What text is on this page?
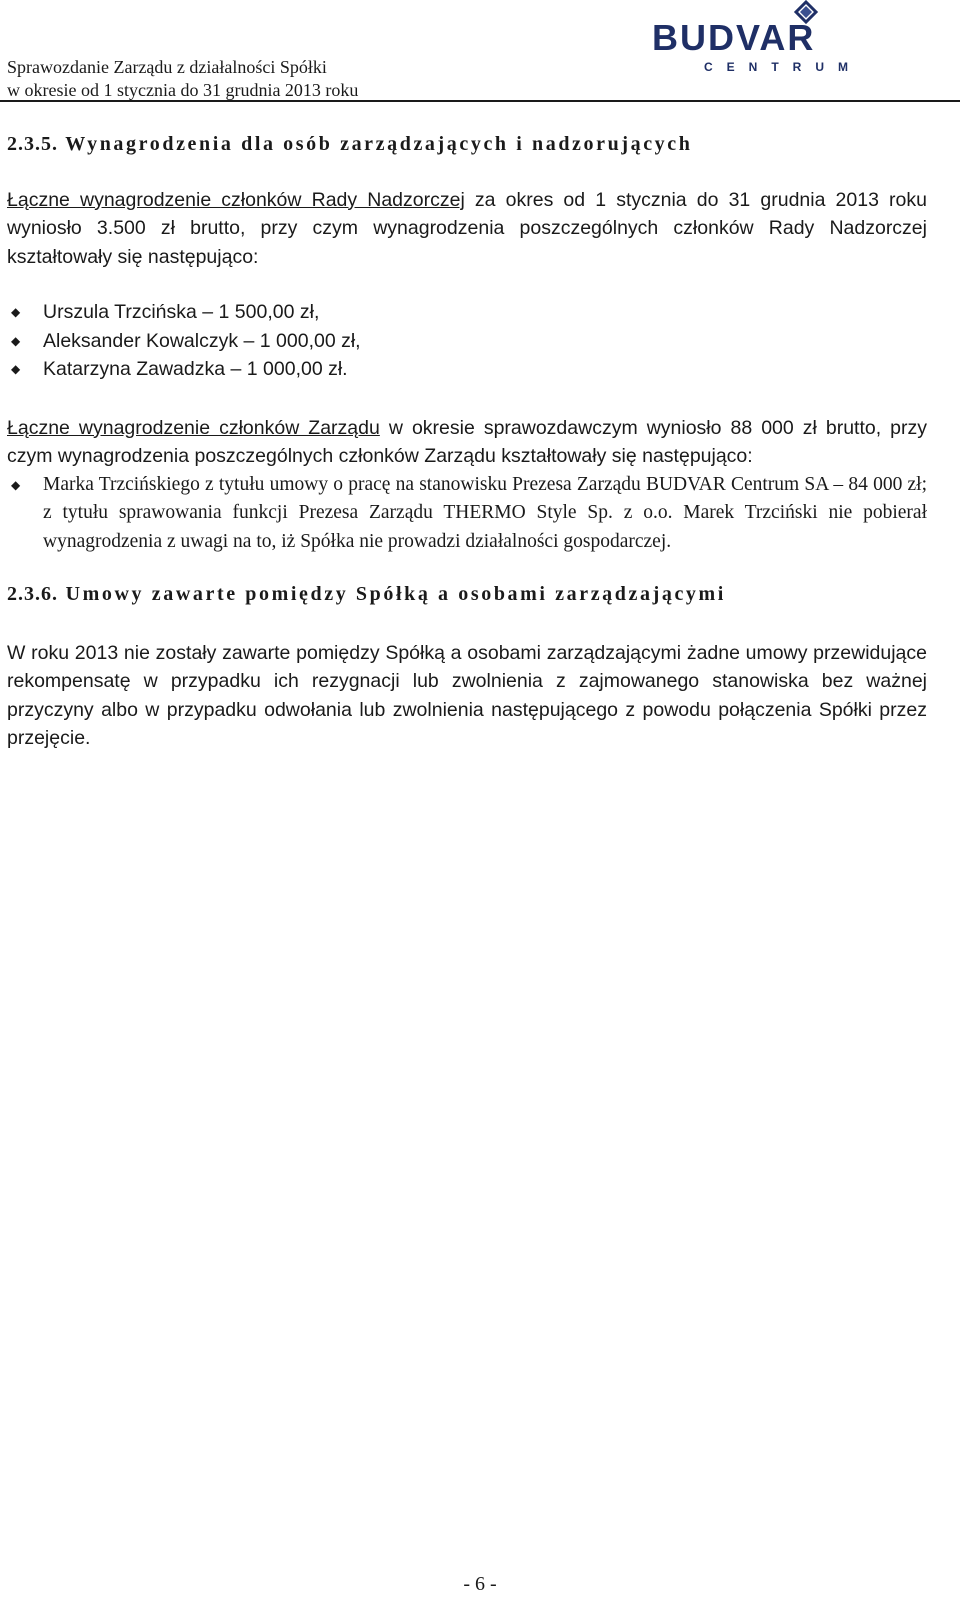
Sprawozdanie Zarządu z działalności Spółki
w okresie od 1 stycznia do 31 grudnia 2013 roku
BUDVAR
CENTRUM
2.3.5. Wynagrodzenia dla osób zarządzających i nadzorujących

Łączne wynagrodzenie członków Rady Nadzorczej za okres od 1 stycznia do 31 grudnia 2013 roku wyniosło 3.500 zł brutto, przy czym wynagrodzenia poszczególnych członków Rady Nadzorczej kształtowały się następująco:

◆ Urszula Trzcińska – 1 500,00 zł,
◆ Aleksander Kowalczyk – 1 000,00 zł,
◆ Katarzyna Zawadzka – 1 000,00 zł.

Łączne wynagrodzenie członków Zarządu w okresie sprawozdawczym wyniosło 88 000 zł brutto, przy czym wynagrodzenia poszczególnych członków Zarządu kształtowały się następująco:

◆ Marka Trzcińskiego z tytułu umowy o pracę na stanowisku Prezesa Zarządu BUDVAR Centrum SA – 84 000 zł; z tytułu sprawowania funkcji Prezesa Zarządu THERMO Style Sp. z o.o. Marek Trzciński nie pobierał wynagrodzenia z uwagi na to, iż Spółka nie prowadzi działalności gospodarczej.
2.3.6. Umowy zawarte pomiędzy Spółką a osobami zarządzającymi

W roku 2013 nie zostały zawarte pomiędzy Spółką a osobami zarządzającymi żadne umowy przewidujące rekompensatę w przypadku ich rezygnacji lub zwolnienia z zajmowanego stanowiska bez ważnej przyczyny albo w przypadku odwołania lub zwolnienia następującego z powodu połączenia Spółki przez przejęcie.

- 6 -
